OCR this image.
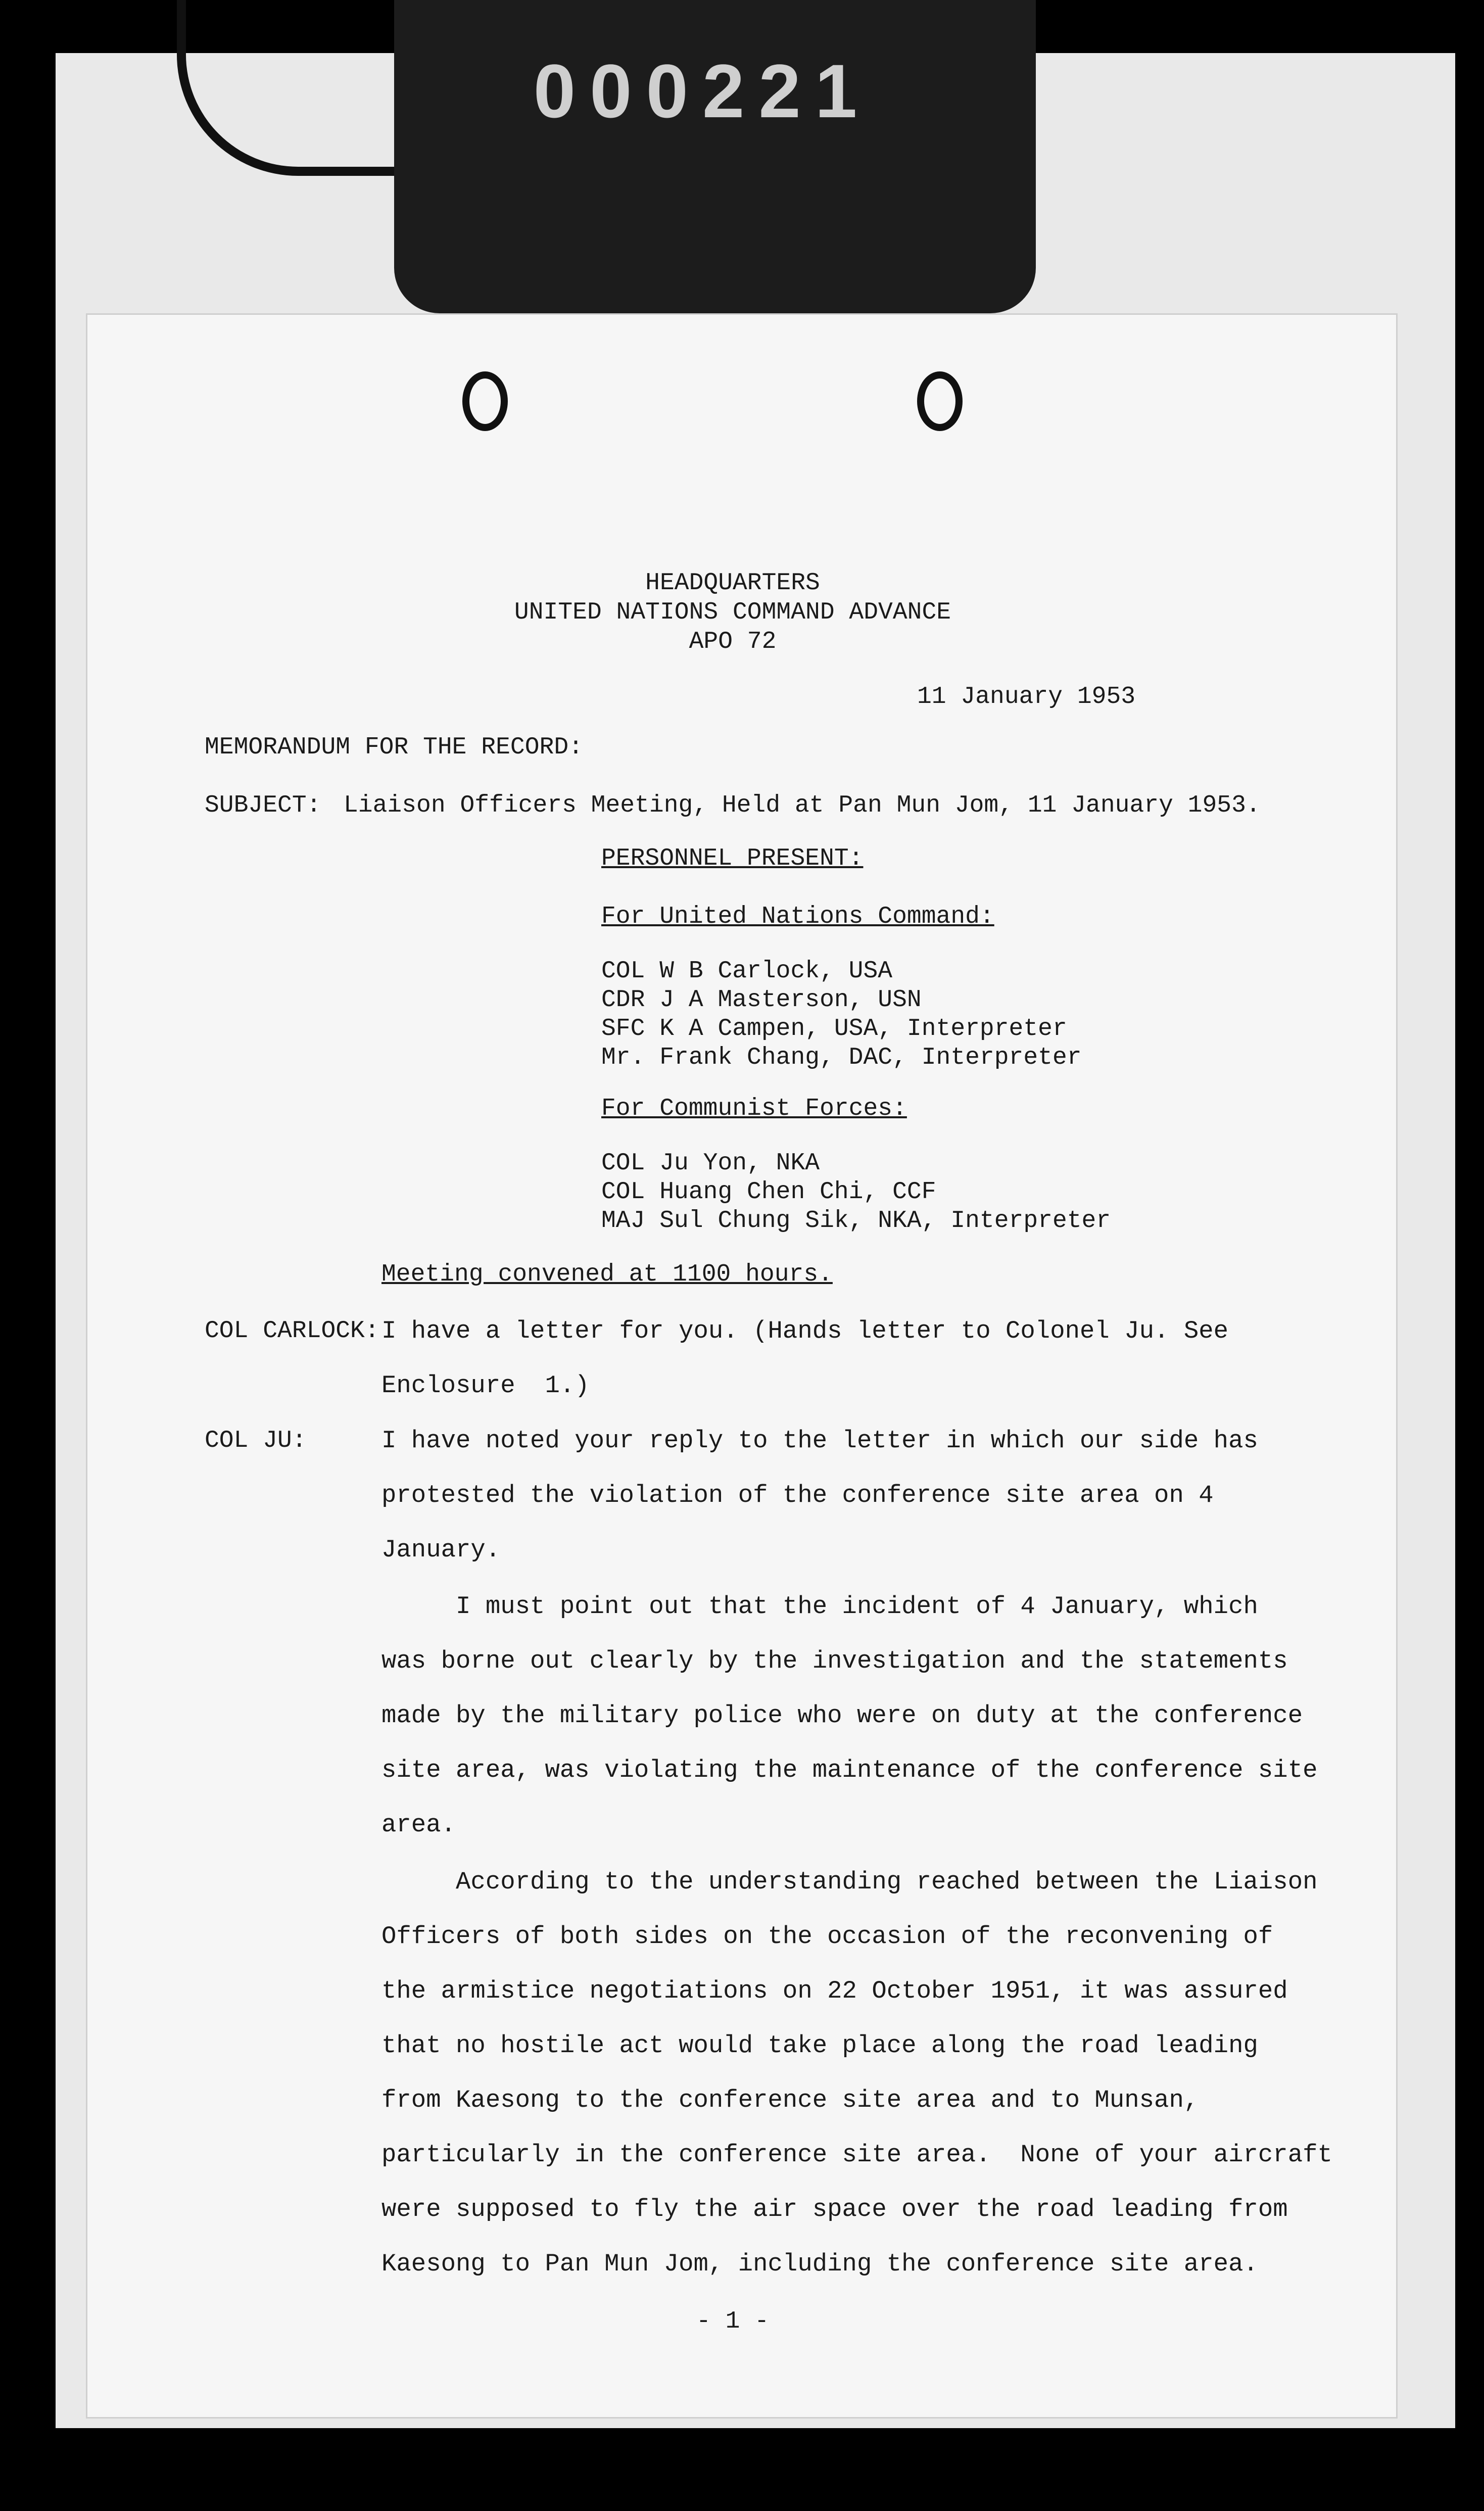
000221
HEADQUARTERS
UNITED NATIONS COMMAND ADVANCE
APO 72
11 January 1953
MEMORANDUM FOR THE RECORD:
SUBJECT: Liaison Officers Meeting, Held at Pan Mun Jom, 11 January 1953.
PERSONNEL PRESENT:
For United Nations Command:
COL W B Carlock, USA
CDR J A Masterson, USN
SFC K A Campen, USA, Interpreter
Mr. Frank Chang, DAC, Interpreter
For Communist Forces:
COL Ju Yon, NKA
COL Huang Chen Chi, CCF
MAJ Sul Chung Sik, NKA, Interpreter
Meeting convened at 1100 hours.
COL CARLOCK: I have a letter for you. (Hands letter to Colonel Ju. See
Enclosure  1.)
COL JU:	I have noted your reply to the letter in which our side has
protested the violation of the conference site area on 4
January.
I must point out that the incident of 4 January, which
was borne out clearly by the investigation and the statements
made by the military police who were on duty at the conference
site area, was violating the maintenance of the conference site
area.
According to the understanding reached between the Liaison
Officers of both sides on the occasion of the reconvening of
the armistice negotiations on 22 October 1951, it was assured
that no hostile act would take place along the road leading
from Kaesong to the conference site area and to Munsan,
particularly in the conference site area.  None of your aircraft
were supposed to fly the air space over the road leading from
Kaesong to Pan Mun Jom, including the conference site area.
- 1 -
